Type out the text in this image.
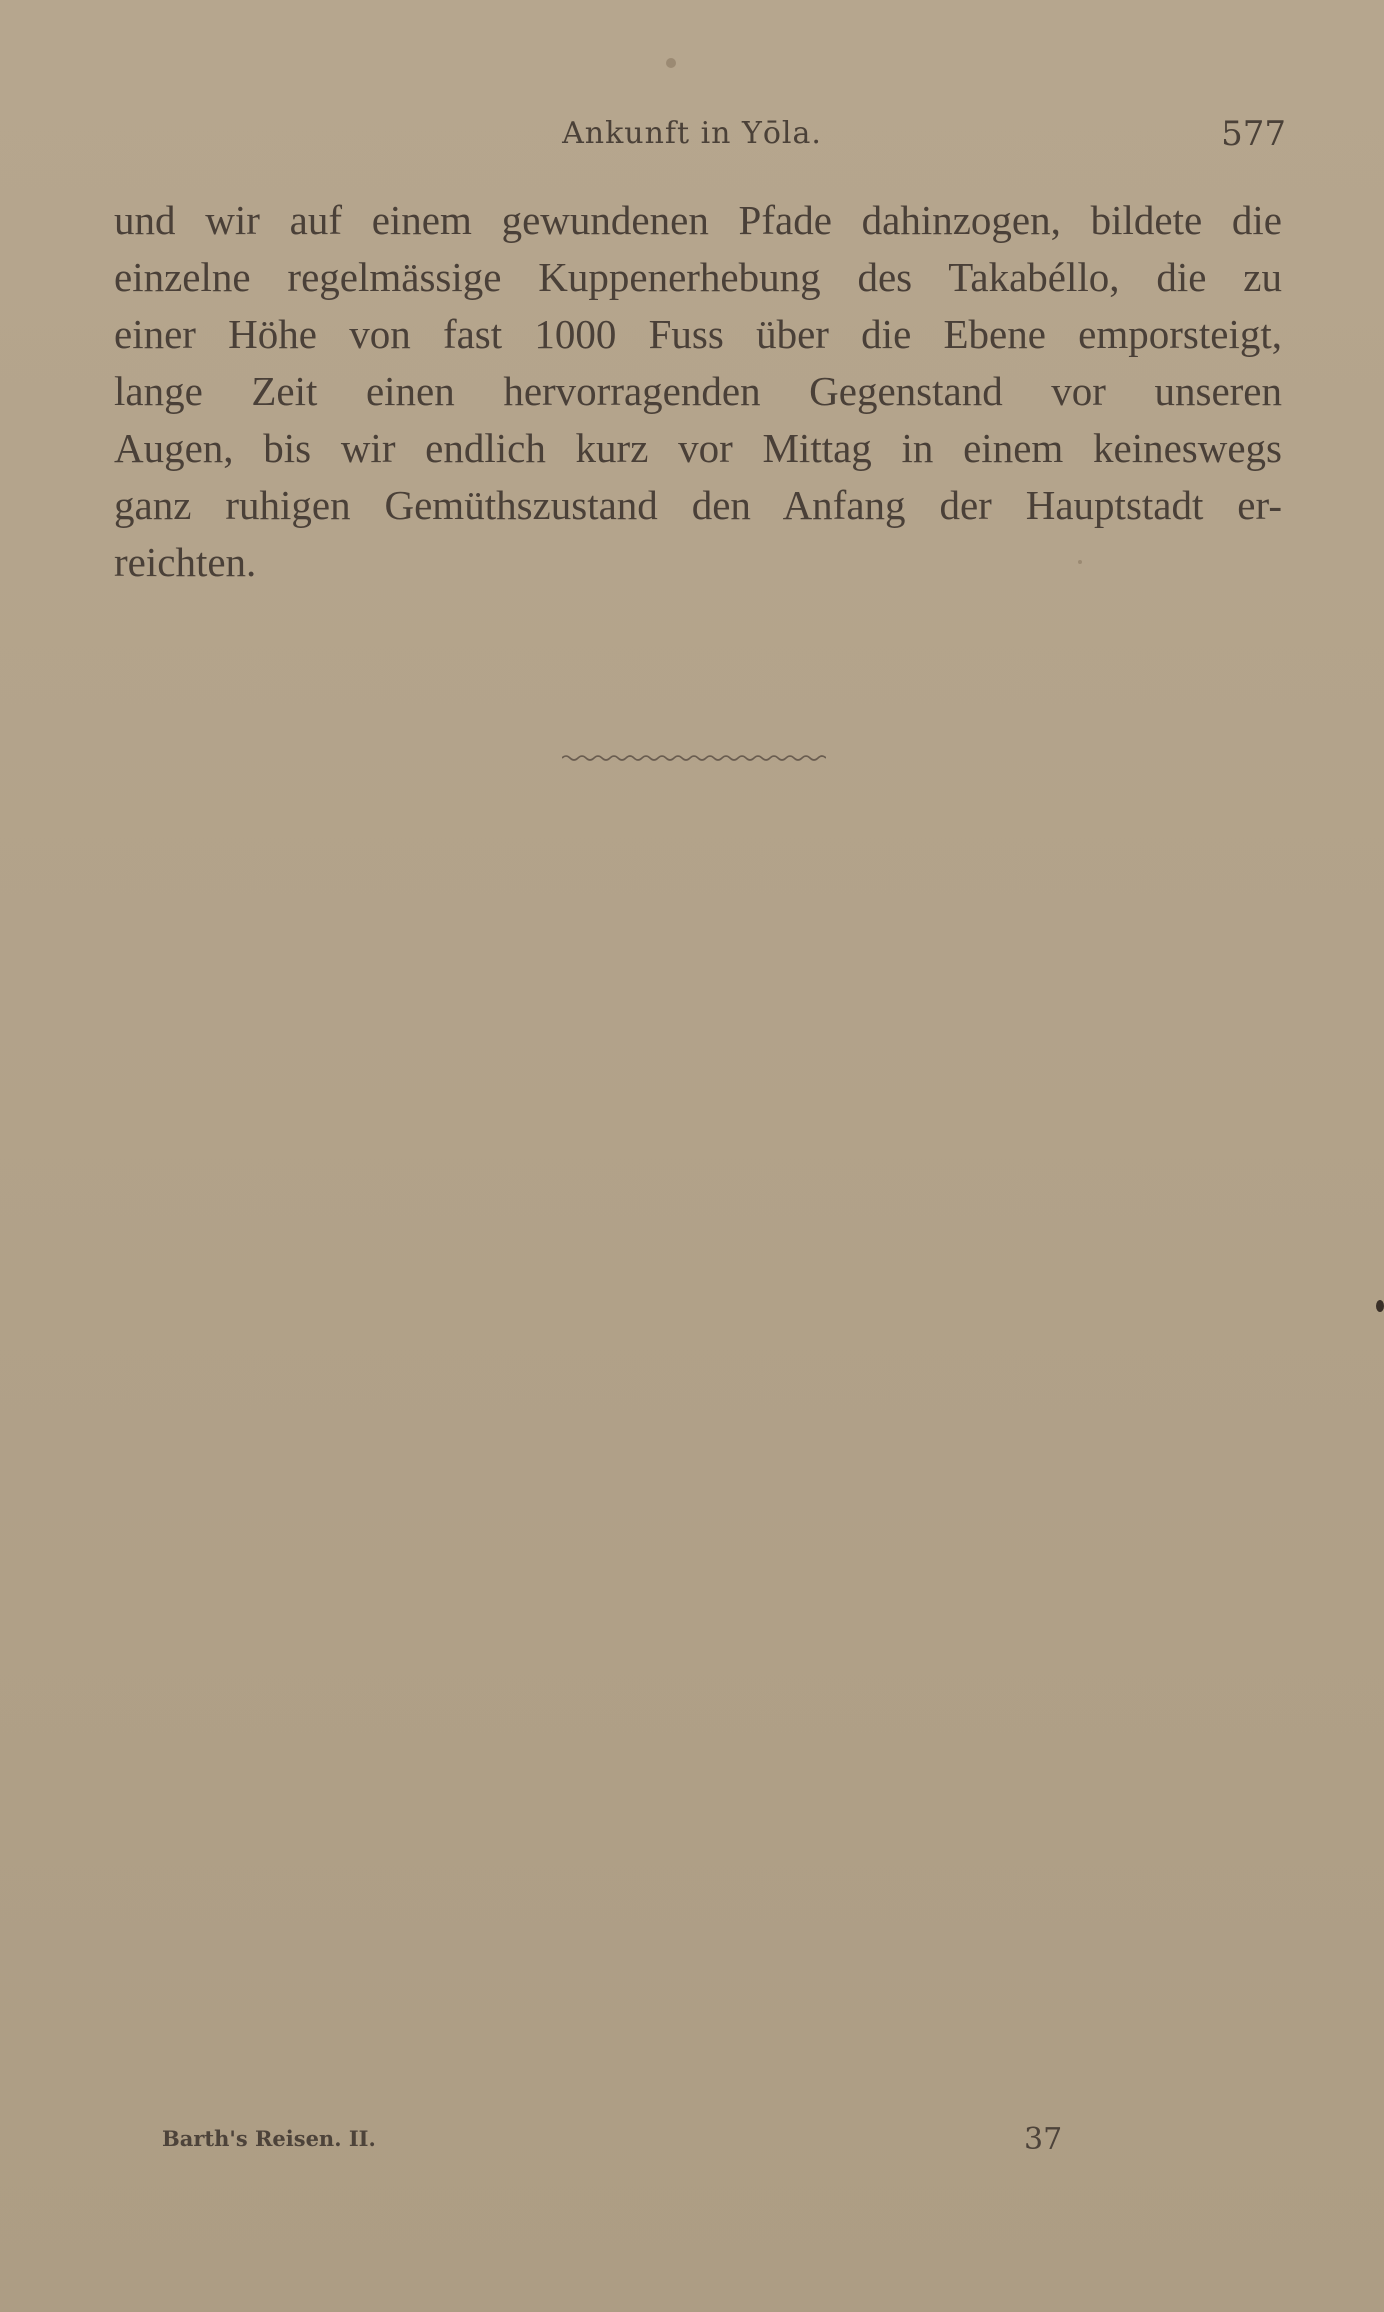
Ankunft in Yōla.	577
und wir auf einem gewundenen Pfade dahinzogen, bildete die
einzelne regelmässige Kuppenerhebung des Takabéllo, die zu
einer Höhe von fast 1000 Fuss über die Ebene emporsteigt,
lange Zeit einen hervorragenden Gegenstand vor unseren
Augen, bis wir endlich kurz vor Mittag in einem keineswegs
ganz ruhigen Gemüthszustand den Anfang der Hauptstadt er-
reichten.
Barth's Reisen. II.	37
